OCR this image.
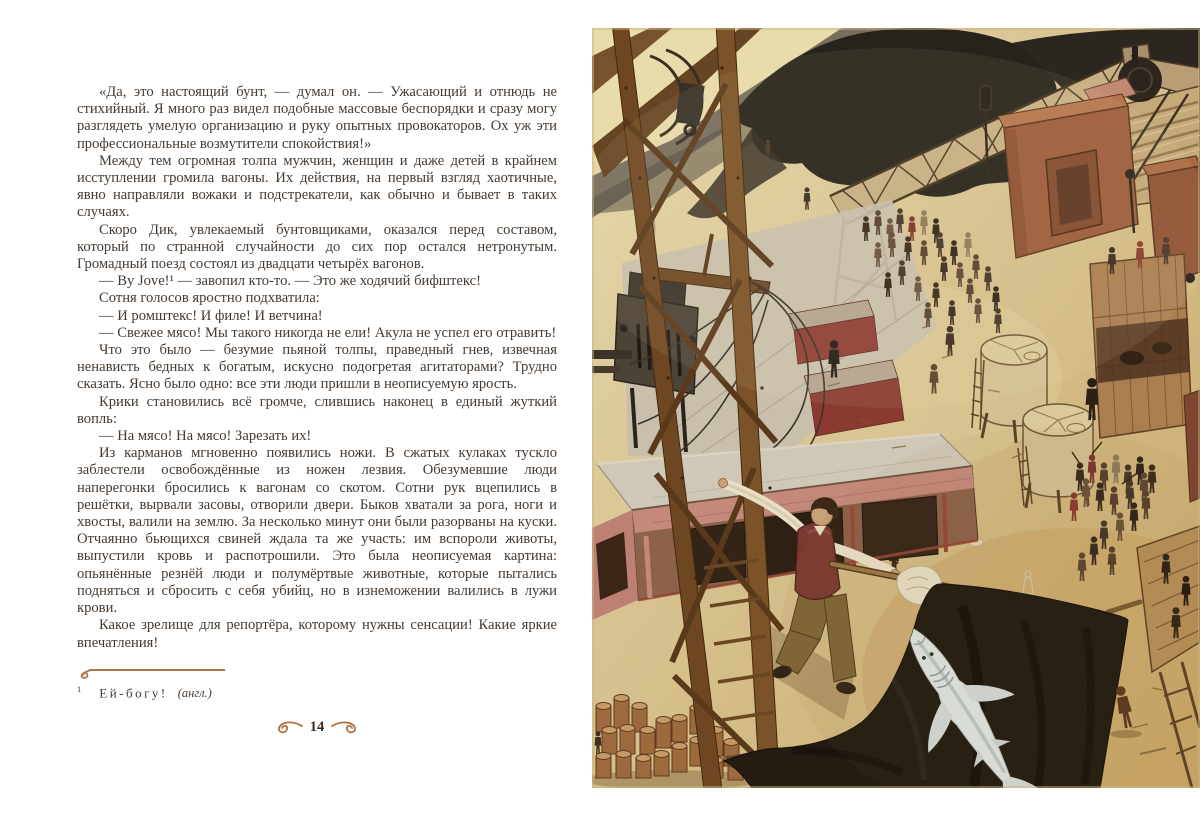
«Да, это настоящий бунт, — думал он. — Ужасающий и отнюдь не стихийный. Я много раз видел подобные массовые беспорядки и сразу могу разглядеть умелую организацию и руку опытных провокаторов. Ох уж эти профессиональные возмутители спокойствия!»

Между тем огромная толпа мужчин, женщин и даже детей в крайнем исступлении громила вагоны. Их действия, на первый взгляд хаотичные, явно направляли вожаки и подстрекатели, как обычно и бывает в таких случаях.

Скоро Дик, увлекаемый бунтовщиками, оказался перед составом, который по странной случайности до сих пор остался нетронутым. Громадный поезд состоял из двадцати четырёх вагонов.

— By Jove!¹ — завопил кто-то. — Это же ходячий бифштекс!

Сотня голосов яростно подхватила:

— И ромштекс! И филе! И ветчина!

— Свежее мясо! Мы такого никогда не ели! Акула не успел его отравить!

Что это было — безумие пьяной толпы, праведный гнев, извечная ненависть бедных к богатым, искусно подогретая агитаторами? Трудно сказать. Ясно было одно: все эти люди пришли в неописуемую ярость.

Крики становились всё громче, слившись наконец в единый жуткий вопль:

— На мясо! На мясо! Зарезать их!

Из карманов мгновенно появились ножи. В сжатых кулаках тускло заблестели освобождённые из ножен лезвия. Обезумевшие люди наперегонки бросились к вагонам со скотом. Сотни рук вцепились в решётки, вырвали засовы, отворили двери. Быков хватали за рога, ноги и хвосты, валили на землю. За несколько минут они были разорваны на куски. Отчаянно бьющихся свиней ждала та же участь: им вспороли животы, выпустили кровь и распотрошили. Это была неописуемая картина: опьянённые резнёй люди и полумёртвые животные, которые пытались подняться и сбросить с себя убийц, но в изнеможении валились в лужи крови.

Какое зрелище для репортёра, которому нужны сенсации! Какие яркие впечатления!

$^1$ Ей-богу! (англ.)
14
